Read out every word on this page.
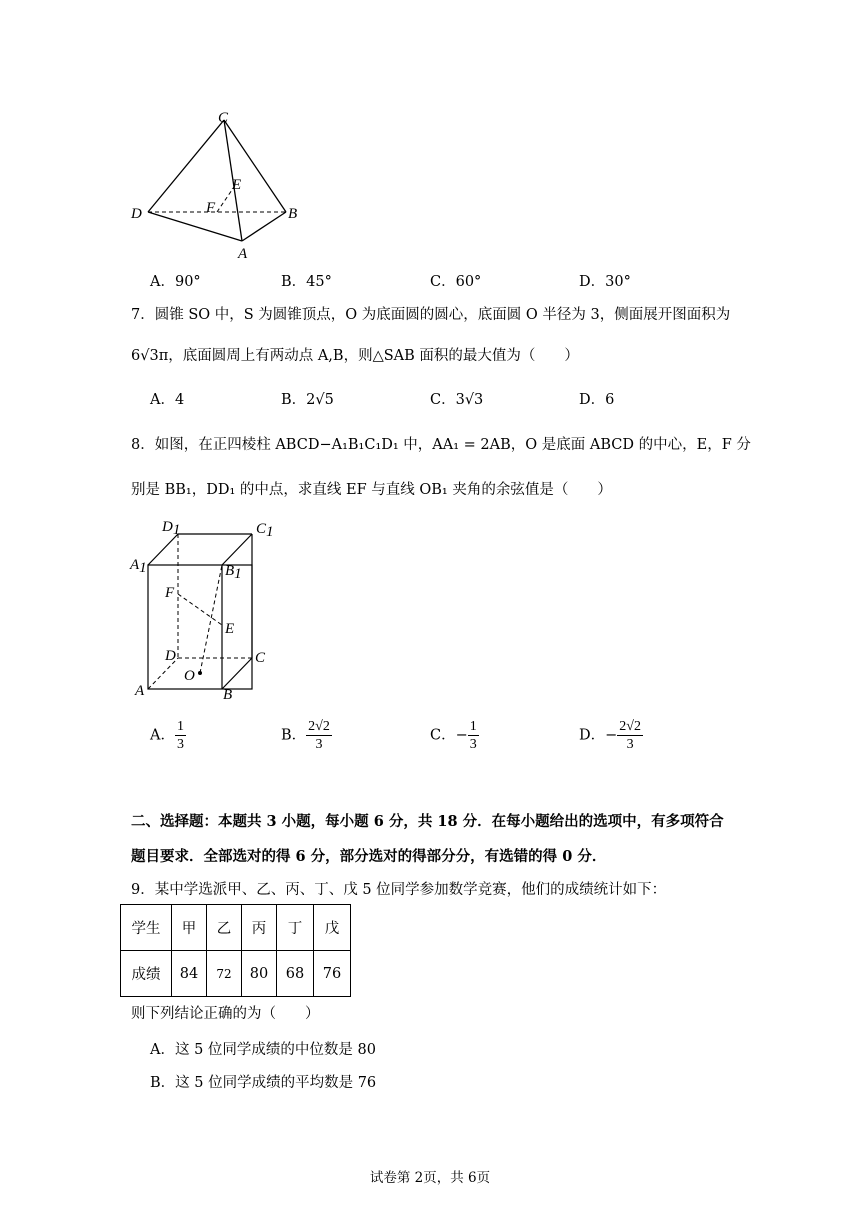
C
E
F
D	B
A
A．90°	B．45°	C．60°	D．30°
7．圆锥 SO 中，S 为圆锥顶点，O 为底面圆的圆心，底面圆 O 半径为 3，侧面展开图面积为
6√3π，底面圆周上有两动点 A,B，则△SAB 面积的最大值为（　　）
A．4	B．2√5	C．3√3	D．6
8．如图，在正四棱柱 ABCD−A₁B₁C₁D₁ 中，AA₁ = 2AB，O 是底面 ABCD 的中心，E，F 分
别是 BB₁，DD₁ 的中点，求直线 EF 与直线 OB₁ 夹角的余弦值是（　　）
D1	C1
A1	B1
F
E
D	C
O
A	B
A． $\frac{1}{3}$	B． $\frac{2√2}{3}$	C．− $\frac{1}{3}$	D．− $\frac{2√2}{3}$
二、选择题：本题共 3 小题，每小题 6 分，共 18 分．在每小题给出的选项中，有多项符合
题目要求．全部选对的得 6 分，部分选对的得部分分，有选错的得 0 分．
9．某中学选派甲、乙、丙、丁、戊 5 位同学参加数学竞赛，他们的成绩统计如下：
学生	甲	乙	丙	丁	戊
成绩	84	72	80	68	76
则下列结论正确的为（　　）
A．这 5 位同学成绩的中位数是 80
B．这 5 位同学成绩的平均数是 76
试卷第 2页，共 6页
